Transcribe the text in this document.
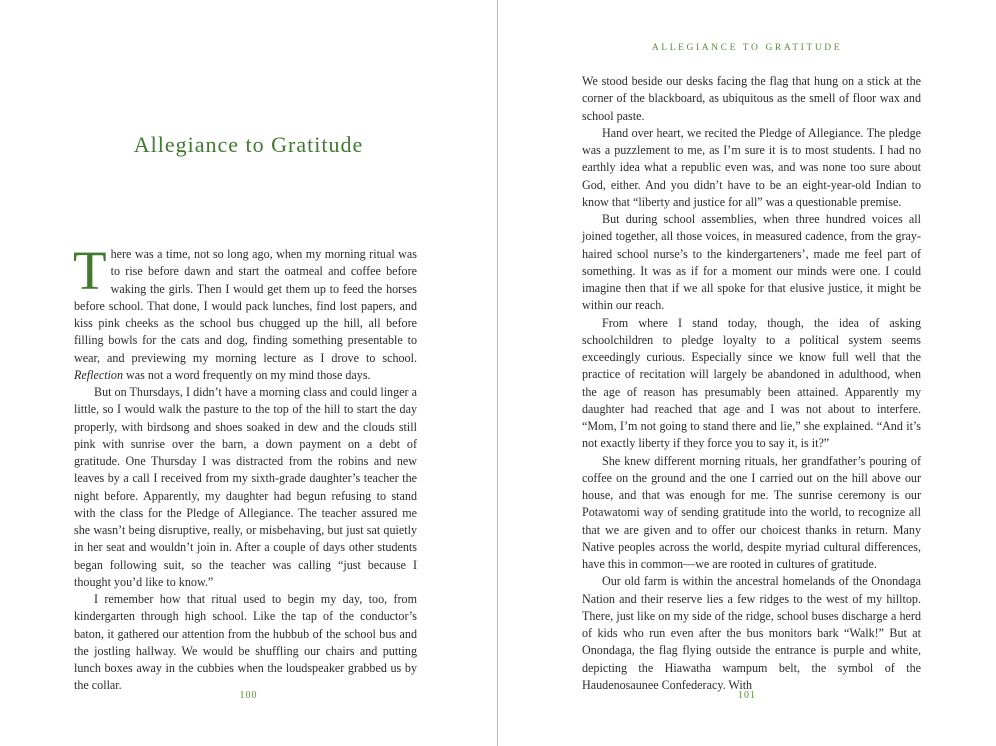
Allegiance to Gratitude

There was a time, not so long ago, when my morning ritual was to rise before dawn and start the oatmeal and coffee before waking the girls. Then I would get them up to feed the horses before school. That done, I would pack lunches, find lost papers, and kiss pink cheeks as the school bus chugged up the hill, all before filling bowls for the cats and dog, finding something presentable to wear, and previewing my morning lecture as I drove to school. Reflection was not a word frequently on my mind those days.

But on Thursdays, I didn’t have a morning class and could linger a little, so I would walk the pasture to the top of the hill to start the day properly, with birdsong and shoes soaked in dew and the clouds still pink with sunrise over the barn, a down payment on a debt of gratitude. One Thursday I was distracted from the robins and new leaves by a call I received from my sixth-grade daughter’s teacher the night before. Apparently, my daughter had begun refusing to stand with the class for the Pledge of Allegiance. The teacher assured me she wasn’t being disruptive, really, or misbehaving, but just sat quietly in her seat and wouldn’t join in. After a couple of days other students began following suit, so the teacher was calling “just because I thought you’d like to know.”

I remember how that ritual used to begin my day, too, from kindergarten through high school. Like the tap of the conductor’s baton, it gathered our attention from the hubbub of the school bus and the jostling hallway. We would be shuffling our chairs and putting lunch boxes away in the cubbies when the loudspeaker grabbed us by the collar.

100
ALLEGIANCE TO GRATITUDE

We stood beside our desks facing the flag that hung on a stick at the corner of the blackboard, as ubiquitous as the smell of floor wax and school paste.

Hand over heart, we recited the Pledge of Allegiance. The pledge was a puzzlement to me, as I’m sure it is to most students. I had no earthly idea what a republic even was, and was none too sure about God, either. And you didn’t have to be an eight-year-old Indian to know that “liberty and justice for all” was a questionable premise.

But during school assemblies, when three hundred voices all joined together, all those voices, in measured cadence, from the gray-haired school nurse’s to the kindergarteners’, made me feel part of something. It was as if for a moment our minds were one. I could imagine then that if we all spoke for that elusive justice, it might be within our reach.

From where I stand today, though, the idea of asking schoolchildren to pledge loyalty to a political system seems exceedingly curious. Especially since we know full well that the practice of recitation will largely be abandoned in adulthood, when the age of reason has presumably been attained. Apparently my daughter had reached that age and I was not about to interfere. “Mom, I’m not going to stand there and lie,” she explained. “And it’s not exactly liberty if they force you to say it, is it?”

She knew different morning rituals, her grandfather’s pouring of coffee on the ground and the one I carried out on the hill above our house, and that was enough for me. The sunrise ceremony is our Potawatomi way of sending gratitude into the world, to recognize all that we are given and to offer our choicest thanks in return. Many Native peoples across the world, despite myriad cultural differences, have this in common—we are rooted in cultures of gratitude.

Our old farm is within the ancestral homelands of the Onondaga Nation and their reserve lies a few ridges to the west of my hilltop. There, just like on my side of the ridge, school buses discharge a herd of kids who run even after the bus monitors bark “Walk!” But at Onondaga, the flag flying outside the entrance is purple and white, depicting the Hiawatha wampum belt, the symbol of the Haudenosaunee Confederacy. With

101
